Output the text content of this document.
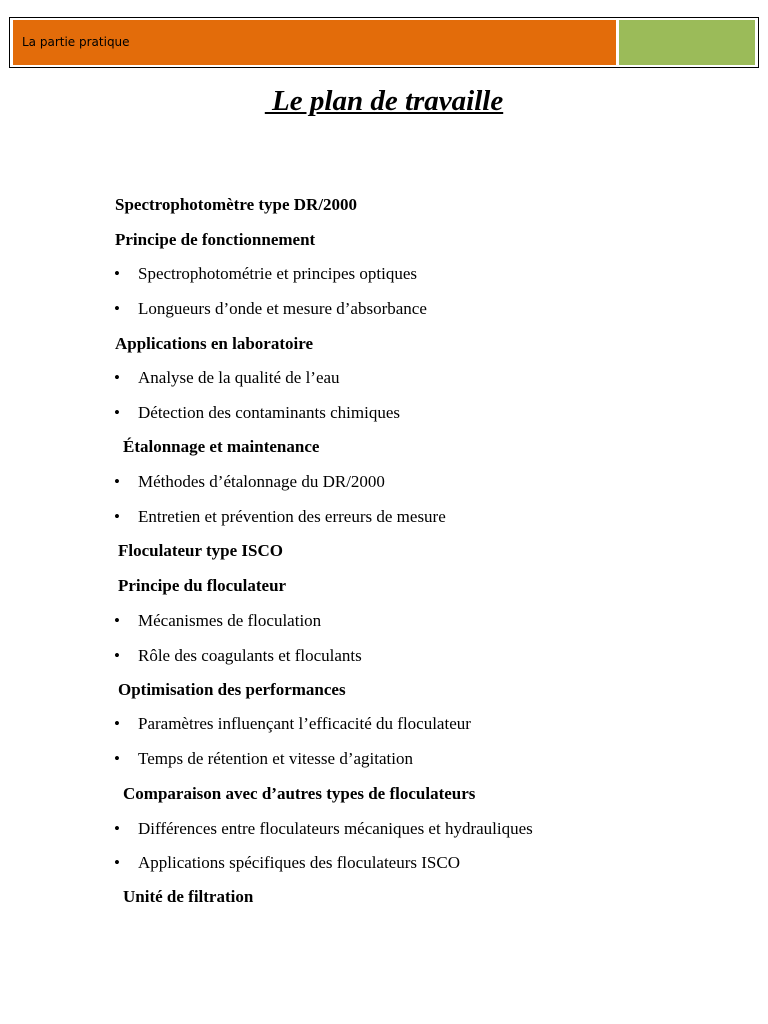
La partie pratique
Le plan de travaille
Spectrophotomètre type DR/2000
Principe de fonctionnement
• Spectrophotométrie et principes optiques
• Longueurs d’onde et mesure d’absorbance
Applications en laboratoire
• Analyse de la qualité de l’eau
• Détection des contaminants chimiques
Étalonnage et maintenance
• Méthodes d’étalonnage du DR/2000
• Entretien et prévention des erreurs de mesure
Floculateur type ISCO
Principe du floculateur
• Mécanismes de floculation
• Rôle des coagulants et floculants
Optimisation des performances
• Paramètres influençant l’efficacité du floculateur
• Temps de rétention et vitesse d’agitation
Comparaison avec d’autres types de floculateurs
• Différences entre floculateurs mécaniques et hydrauliques
• Applications spécifiques des floculateurs ISCO
Unité de filtration
